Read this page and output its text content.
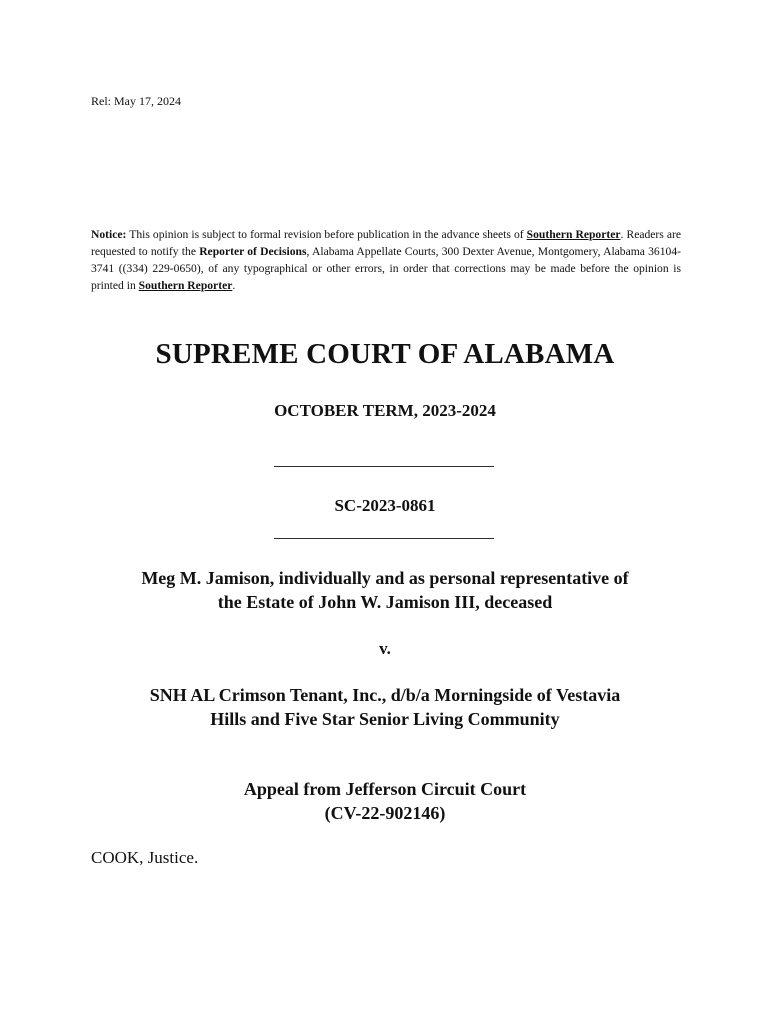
Rel: May 17, 2024
Notice: This opinion is subject to formal revision before publication in the advance sheets of Southern Reporter. Readers are requested to notify the Reporter of Decisions, Alabama Appellate Courts, 300 Dexter Avenue, Montgomery, Alabama 36104-3741 ((334) 229-0650), of any typographical or other errors, in order that corrections may be made before the opinion is printed in Southern Reporter.
SUPREME COURT OF ALABAMA
OCTOBER TERM, 2023-2024
SC-2023-0861
Meg M. Jamison, individually and as personal representative of
the Estate of John W. Jamison III, deceased
v.
SNH AL Crimson Tenant, Inc., d/b/a Morningside of Vestavia
Hills and Five Star Senior Living Community
Appeal from Jefferson Circuit Court
(CV-22-902146)
COOK, Justice.
